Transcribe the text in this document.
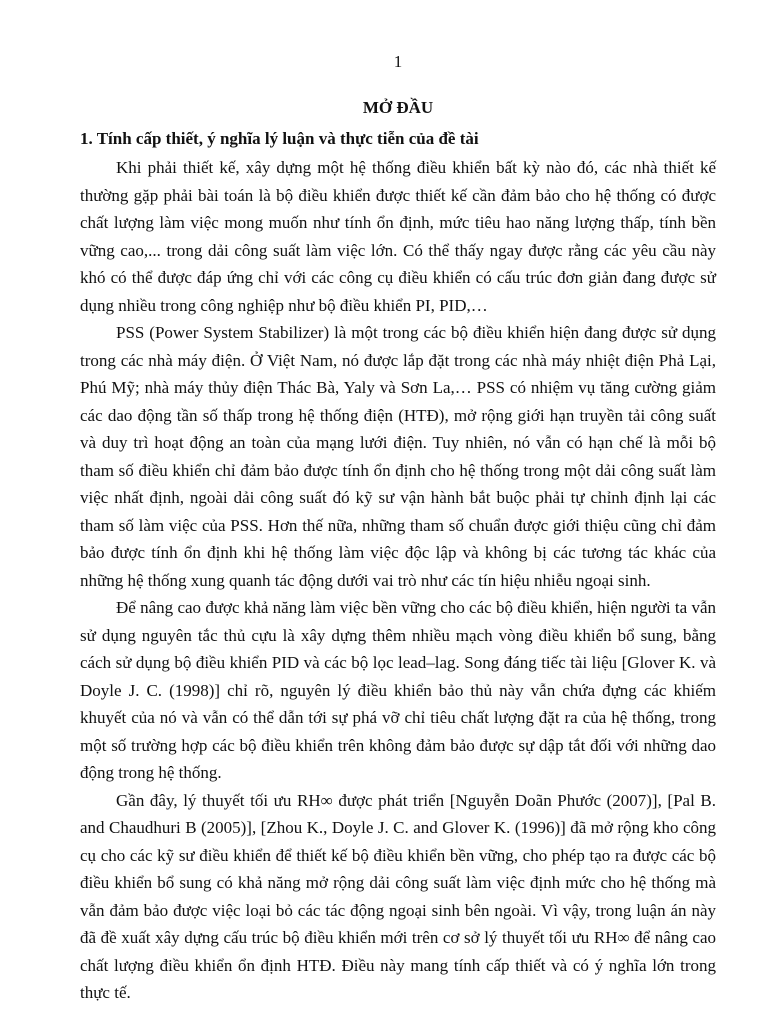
1

MỞ ĐẦU
1. Tính cấp thiết, ý nghĩa lý luận và thực tiễn của đề tài

Khi phải thiết kế, xây dựng một hệ thống điều khiển bất kỳ nào đó, các nhà thiết kế thường gặp phải bài toán là bộ điều khiển được thiết kế cần đảm bảo cho hệ thống có được chất lượng làm việc mong muốn như tính ổn định, mức tiêu hao năng lượng thấp, tính bền vững cao,... trong dải công suất làm việc lớn. Có thể thấy ngay được rằng các yêu cầu này khó có thể được đáp ứng chỉ với các công cụ điều khiển có cấu trúc đơn giản đang được sử dụng nhiều trong công nghiệp như bộ điều khiển PI, PID,…

PSS (Power System Stabilizer) là một trong các bộ điều khiển hiện đang được sử dụng trong các nhà máy điện. Ở Việt Nam, nó được lắp đặt trong các nhà máy nhiệt điện Phả Lại, Phú Mỹ; nhà máy thủy điện Thác Bà, Yaly và Sơn La,… PSS có nhiệm vụ tăng cường giảm các dao động tần số thấp trong hệ thống điện (HTĐ), mở rộng giới hạn truyền tải công suất và duy trì hoạt động an toàn của mạng lưới điện. Tuy nhiên, nó vẫn có hạn chế là mỗi bộ tham số điều khiển chỉ đảm bảo được tính ổn định cho hệ thống trong một dải công suất làm việc nhất định, ngoài dải công suất đó kỹ sư vận hành bắt buộc phải tự chỉnh định lại các tham số làm việc của PSS. Hơn thế nữa, những tham số chuẩn được giới thiệu cũng chỉ đảm bảo được tính ổn định khi hệ thống làm việc độc lập và không bị các tương tác khác của những hệ thống xung quanh tác động dưới vai trò như các tín hiệu nhiễu ngoại sinh.

Để nâng cao được khả năng làm việc bền vững cho các bộ điều khiển, hiện người ta vẫn sử dụng nguyên tắc thủ cựu là xây dựng thêm nhiều mạch vòng điều khiển bổ sung, bằng cách sử dụng bộ điều khiển PID và các bộ lọc lead–lag. Song đáng tiếc tài liệu [Glover K. và Doyle J. C. (1998)] chỉ rõ, nguyên lý điều khiển bảo thủ này vẫn chứa đựng các khiếm khuyết của nó và vẫn có thể dẫn tới sự phá vỡ chỉ tiêu chất lượng đặt ra của hệ thống, trong một số trường hợp các bộ điều khiển trên không đảm bảo được sự dập tắt đối với những dao động trong hệ thống.

Gần đây, lý thuyết tối ưu RH∞ được phát triển [Nguyễn Doãn Phước (2007)], [Pal B. and Chaudhuri B (2005)], [Zhou K., Doyle J. C. and Glover K. (1996)] đã mở rộng kho công cụ cho các kỹ sư điều khiển để thiết kế bộ điều khiển bền vững, cho phép tạo ra được các bộ điều khiển bổ sung có khả năng mở rộng dải công suất làm việc định mức cho hệ thống mà vẫn đảm bảo được việc loại bỏ các tác động ngoại sinh bên ngoài. Vì vậy, trong luận án này đã đề xuất xây dựng cấu trúc bộ điều khiển mới trên cơ sở lý thuyết tối ưu RH∞ để nâng cao chất lượng điều khiển ổn định HTĐ. Điều này mang tính cấp thiết và có ý nghĩa lớn trong thực tế.
